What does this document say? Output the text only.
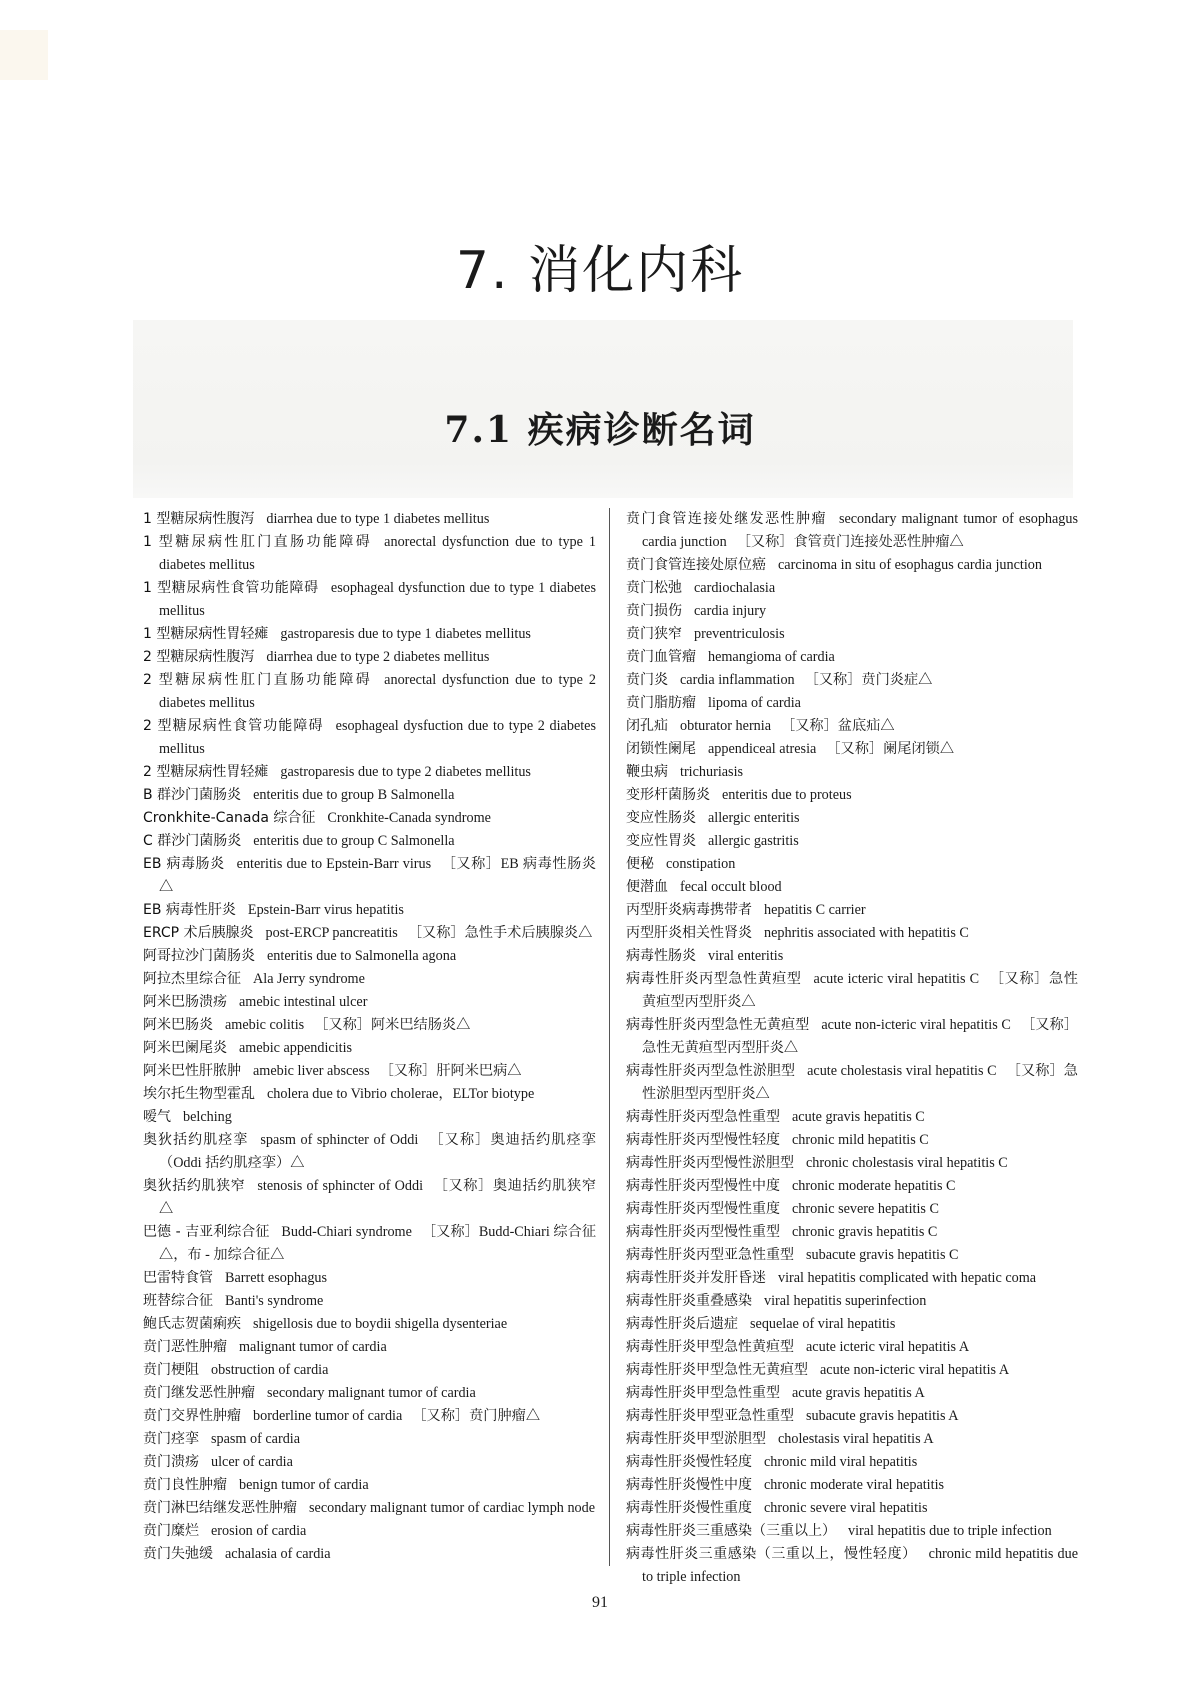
7. 消化内科
7.1 疾病诊断名词
1 型糖尿病性腹泻 diarrhea due to type 1 diabetes mellitus
1 型糖尿病性肛门直肠功能障碍 anorectal dysfunction due to type 1 diabetes mellitus
1 型糖尿病性食管功能障碍 esophageal dysfunction due to type 1 diabetes mellitus
1 型糖尿病性胃轻瘫 gastroparesis due to type 1 diabetes mellitus
2 型糖尿病性腹泻 diarrhea due to type 2 diabetes mellitus
2 型糖尿病性肛门直肠功能障碍 anorectal dysfunction due to type 2 diabetes mellitus
2 型糖尿病性食管功能障碍 esophageal dysfuction due to type 2 diabetes mellitus
2 型糖尿病性胃轻瘫 gastroparesis due to type 2 diabetes mellitus
B 群沙门菌肠炎 enteritis due to group B Salmonella
Cronkhite-Canada 综合征 Cronkhite-Canada syndrome
C 群沙门菌肠炎 enteritis due to group C Salmonella
EB 病毒肠炎 enteritis due to Epstein-Barr virus ［又称］EB 病毒性肠炎△
EB 病毒性肝炎 Epstein-Barr virus hepatitis
ERCP 术后胰腺炎 post-ERCP pancreatitis ［又称］急性手术后胰腺炎△
阿哥拉沙门菌肠炎 enteritis due to Salmonella agona
阿拉杰里综合征 Ala Jerry syndrome
阿米巴肠溃疡 amebic intestinal ulcer
阿米巴肠炎 amebic colitis ［又称］阿米巴结肠炎△
阿米巴阑尾炎 amebic appendicitis
阿米巴性肝脓肿 amebic liver abscess ［又称］肝阿米巴病△
埃尔托生物型霍乱 cholera due to Vibrio cholerae，ELTor biotype
嗳气 belching
奥狄括约肌痉挛 spasm of sphincter of Oddi ［又称］奥迪括约肌痉挛（Oddi 括约肌痉挛）△
奥狄括约肌狭窄 stenosis of sphincter of Oddi ［又称］奥迪括约肌狭窄△
巴德 - 吉亚利综合征 Budd-Chiari syndrome ［又称］Budd-Chiari 综合征△，布 - 加综合征△
巴雷特食管 Barrett esophagus
班替综合征 Banti's syndrome
鲍氏志贺菌痢疾 shigellosis due to boydii shigella dysenteriae
贲门恶性肿瘤 malignant tumor of cardia
贲门梗阻 obstruction of cardia
贲门继发恶性肿瘤 secondary malignant tumor of cardia
贲门交界性肿瘤 borderline tumor of cardia ［又称］贲门肿瘤△
贲门痉挛 spasm of cardia
贲门溃疡 ulcer of cardia
贲门良性肿瘤 benign tumor of cardia
贲门淋巴结继发恶性肿瘤 secondary malignant tumor of cardiac lymph node
贲门糜烂 erosion of cardia
贲门失弛缓 achalasia of cardia
贲门食管连接处继发恶性肿瘤 secondary malignant tumor of esophagus cardia junction ［又称］食管贲门连接处恶性肿瘤△
贲门食管连接处原位癌 carcinoma in situ of esophagus cardia junction
贲门松弛 cardiochalasia
贲门损伤 cardia injury
贲门狭窄 preventriculosis
贲门血管瘤 hemangioma of cardia
贲门炎 cardia inflammation ［又称］贲门炎症△
贲门脂肪瘤 lipoma of cardia
闭孔疝 obturator hernia ［又称］盆底疝△
闭锁性阑尾 appendiceal atresia ［又称］阑尾闭锁△
鞭虫病 trichuriasis
变形杆菌肠炎 enteritis due to proteus
变应性肠炎 allergic enteritis
变应性胃炎 allergic gastritis
便秘 constipation
便潜血 fecal occult blood
丙型肝炎病毒携带者 hepatitis C carrier
丙型肝炎相关性肾炎 nephritis associated with hepatitis C
病毒性肠炎 viral enteritis
病毒性肝炎丙型急性黄疸型 acute icteric viral hepatitis C ［又称］急性黄疸型丙型肝炎△
病毒性肝炎丙型急性无黄疸型 acute non-icteric viral hepatitis C ［又称］急性无黄疸型丙型肝炎△
病毒性肝炎丙型急性淤胆型 acute cholestasis viral hepatitis C ［又称］急性淤胆型丙型肝炎△
病毒性肝炎丙型急性重型 acute gravis hepatitis C
病毒性肝炎丙型慢性轻度 chronic mild hepatitis C
病毒性肝炎丙型慢性淤胆型 chronic cholestasis viral hepatitis C
病毒性肝炎丙型慢性中度 chronic moderate hepatitis C
病毒性肝炎丙型慢性重度 chronic severe hepatitis C
病毒性肝炎丙型慢性重型 chronic gravis hepatitis C
病毒性肝炎丙型亚急性重型 subacute gravis hepatitis C
病毒性肝炎并发肝昏迷 viral hepatitis complicated with hepatic coma
病毒性肝炎重叠感染 viral hepatitis superinfection
病毒性肝炎后遗症 sequelae of viral hepatitis
病毒性肝炎甲型急性黄疸型 acute icteric viral hepatitis A
病毒性肝炎甲型急性无黄疸型 acute non-icteric viral hepatitis A
病毒性肝炎甲型急性重型 acute gravis hepatitis A
病毒性肝炎甲型亚急性重型 subacute gravis hepatitis A
病毒性肝炎甲型淤胆型 cholestasis viral hepatitis A
病毒性肝炎慢性轻度 chronic mild viral hepatitis
病毒性肝炎慢性中度 chronic moderate viral hepatitis
病毒性肝炎慢性重度 chronic severe viral hepatitis
病毒性肝炎三重感染（三重以上） viral hepatitis due to triple infection
病毒性肝炎三重感染（三重以上，慢性轻度） chronic mild hepatitis due to triple infection
91
